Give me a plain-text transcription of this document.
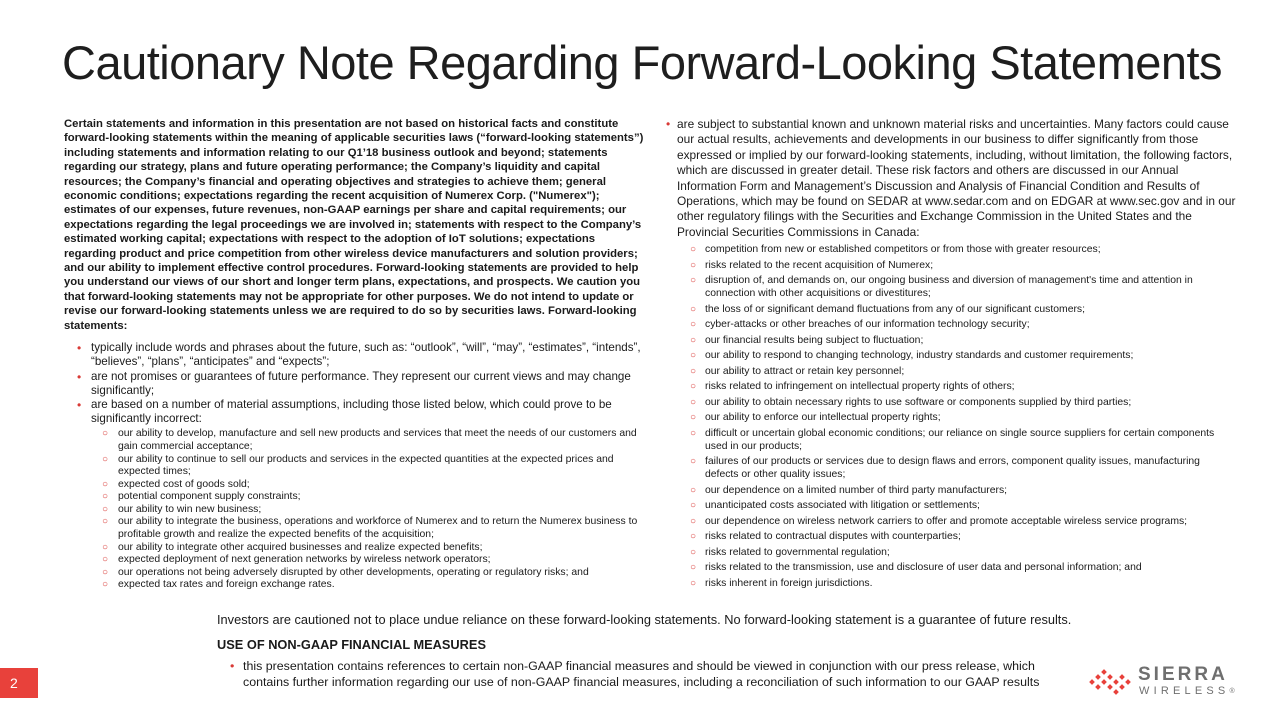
Cautionary Note Regarding Forward-Looking Statements

Certain statements and information in this presentation are not based on historical facts and constitute forward-looking statements within the meaning of applicable securities laws (“forward-looking statements”) including statements and information relating to our Q1’18 business outlook and beyond; statements regarding our strategy, plans and future operating performance; the Company’s liquidity and capital resources; the Company’s financial and operating objectives and strategies to achieve them; general economic conditions; expectations regarding the recent acquisition of Numerex Corp. ("Numerex"); estimates of our expenses, future revenues, non-GAAP earnings per share and capital requirements; our expectations regarding the legal proceedings we are involved in; statements with respect to the Company’s estimated working capital; expectations with respect to the adoption of IoT solutions; expectations regarding product and price competition from other wireless device manufacturers and solution providers; and our ability to implement effective control procedures. Forward-looking statements are provided to help you understand our views of our short and longer term plans, expectations, and prospects. We caution you that forward-looking statements may not be appropriate for other purposes. We do not intend to update or revise our forward-looking statements unless we are required to do so by securities laws. Forward-looking statements:

• typically include words and phrases about the future, such as: “outlook”, “will”, “may”, “estimates”, “intends”, “believes”, “plans”, “anticipates” and “expects”;
• are not promises or guarantees of future performance. They represent our current views and may change significantly;
• are based on a number of material assumptions, including those listed below, which could prove to be significantly incorrect:
○ our ability to develop, manufacture and sell new products and services that meet the needs of our customers and gain commercial acceptance;
○ our ability to continue to sell our products and services in the expected quantities at the expected prices and expected times;
○ expected cost of goods sold;
○ potential component supply constraints;
○ our ability to win new business;
○ our ability to integrate the business, operations and workforce of Numerex and to return the Numerex business to profitable growth and realize the expected benefits of the acquisition;
○ our ability to integrate other acquired businesses and realize expected benefits;
○ expected deployment of next generation networks by wireless network operators;
○ our operations not being adversely disrupted by other developments, operating or regulatory risks; and
○ expected tax rates and foreign exchange rates.
• are subject to substantial known and unknown material risks and uncertainties. Many factors could cause our actual results, achievements and developments in our business to differ significantly from those expressed or implied by our forward-looking statements, including, without limitation, the following factors, which are discussed in greater detail. These risk factors and others are discussed in our Annual Information Form and Management’s Discussion and Analysis of Financial Condition and Results of Operations, which may be found on SEDAR at www.sedar.com and on EDGAR at www.sec.gov and in our other regulatory filings with the Securities and Exchange Commission in the United States and the Provincial Securities Commissions in Canada:
○ competition from new or established competitors or from those with greater resources;
○ risks related to the recent acquisition of Numerex;
○ disruption of, and demands on, our ongoing business and diversion of management's time and attention in connection with other acquisitions or divestitures;
○ the loss of or significant demand fluctuations from any of our significant customers;
○ cyber-attacks or other breaches of our information technology security;
○ our financial results being subject to fluctuation;
○ our ability to respond to changing technology, industry standards and customer requirements;
○ our ability to attract or retain key personnel;
○ risks related to infringement on intellectual property rights of others;
○ our ability to obtain necessary rights to use software or components supplied by third parties;
○ our ability to enforce our intellectual property rights;
○ difficult or uncertain global economic conditions; our reliance on single source suppliers for certain components used in our products;
○ failures of our products or services due to design flaws and errors, component quality issues, manufacturing defects or other quality issues;
○ our dependence on a limited number of third party manufacturers;
○ unanticipated costs associated with litigation or settlements;
○ our dependence on wireless network carriers to offer and promote acceptable wireless service programs;
○ risks related to contractual disputes with counterparties;
○ risks related to governmental regulation;
○ risks related to the transmission, use and disclosure of user data and personal information; and
○ risks inherent in foreign jurisdictions.
Investors are cautioned not to place undue reliance on these forward-looking statements. No forward-looking statement is a guarantee of future results.
USE OF NON-GAAP FINANCIAL MEASURES
• this presentation contains references to certain non-GAAP financial measures and should be viewed in conjunction with our press release, which contains further information regarding our use of non-GAAP financial measures, including a reconciliation of such information to our GAAP results
2	SIERRA
WIRELESS®
